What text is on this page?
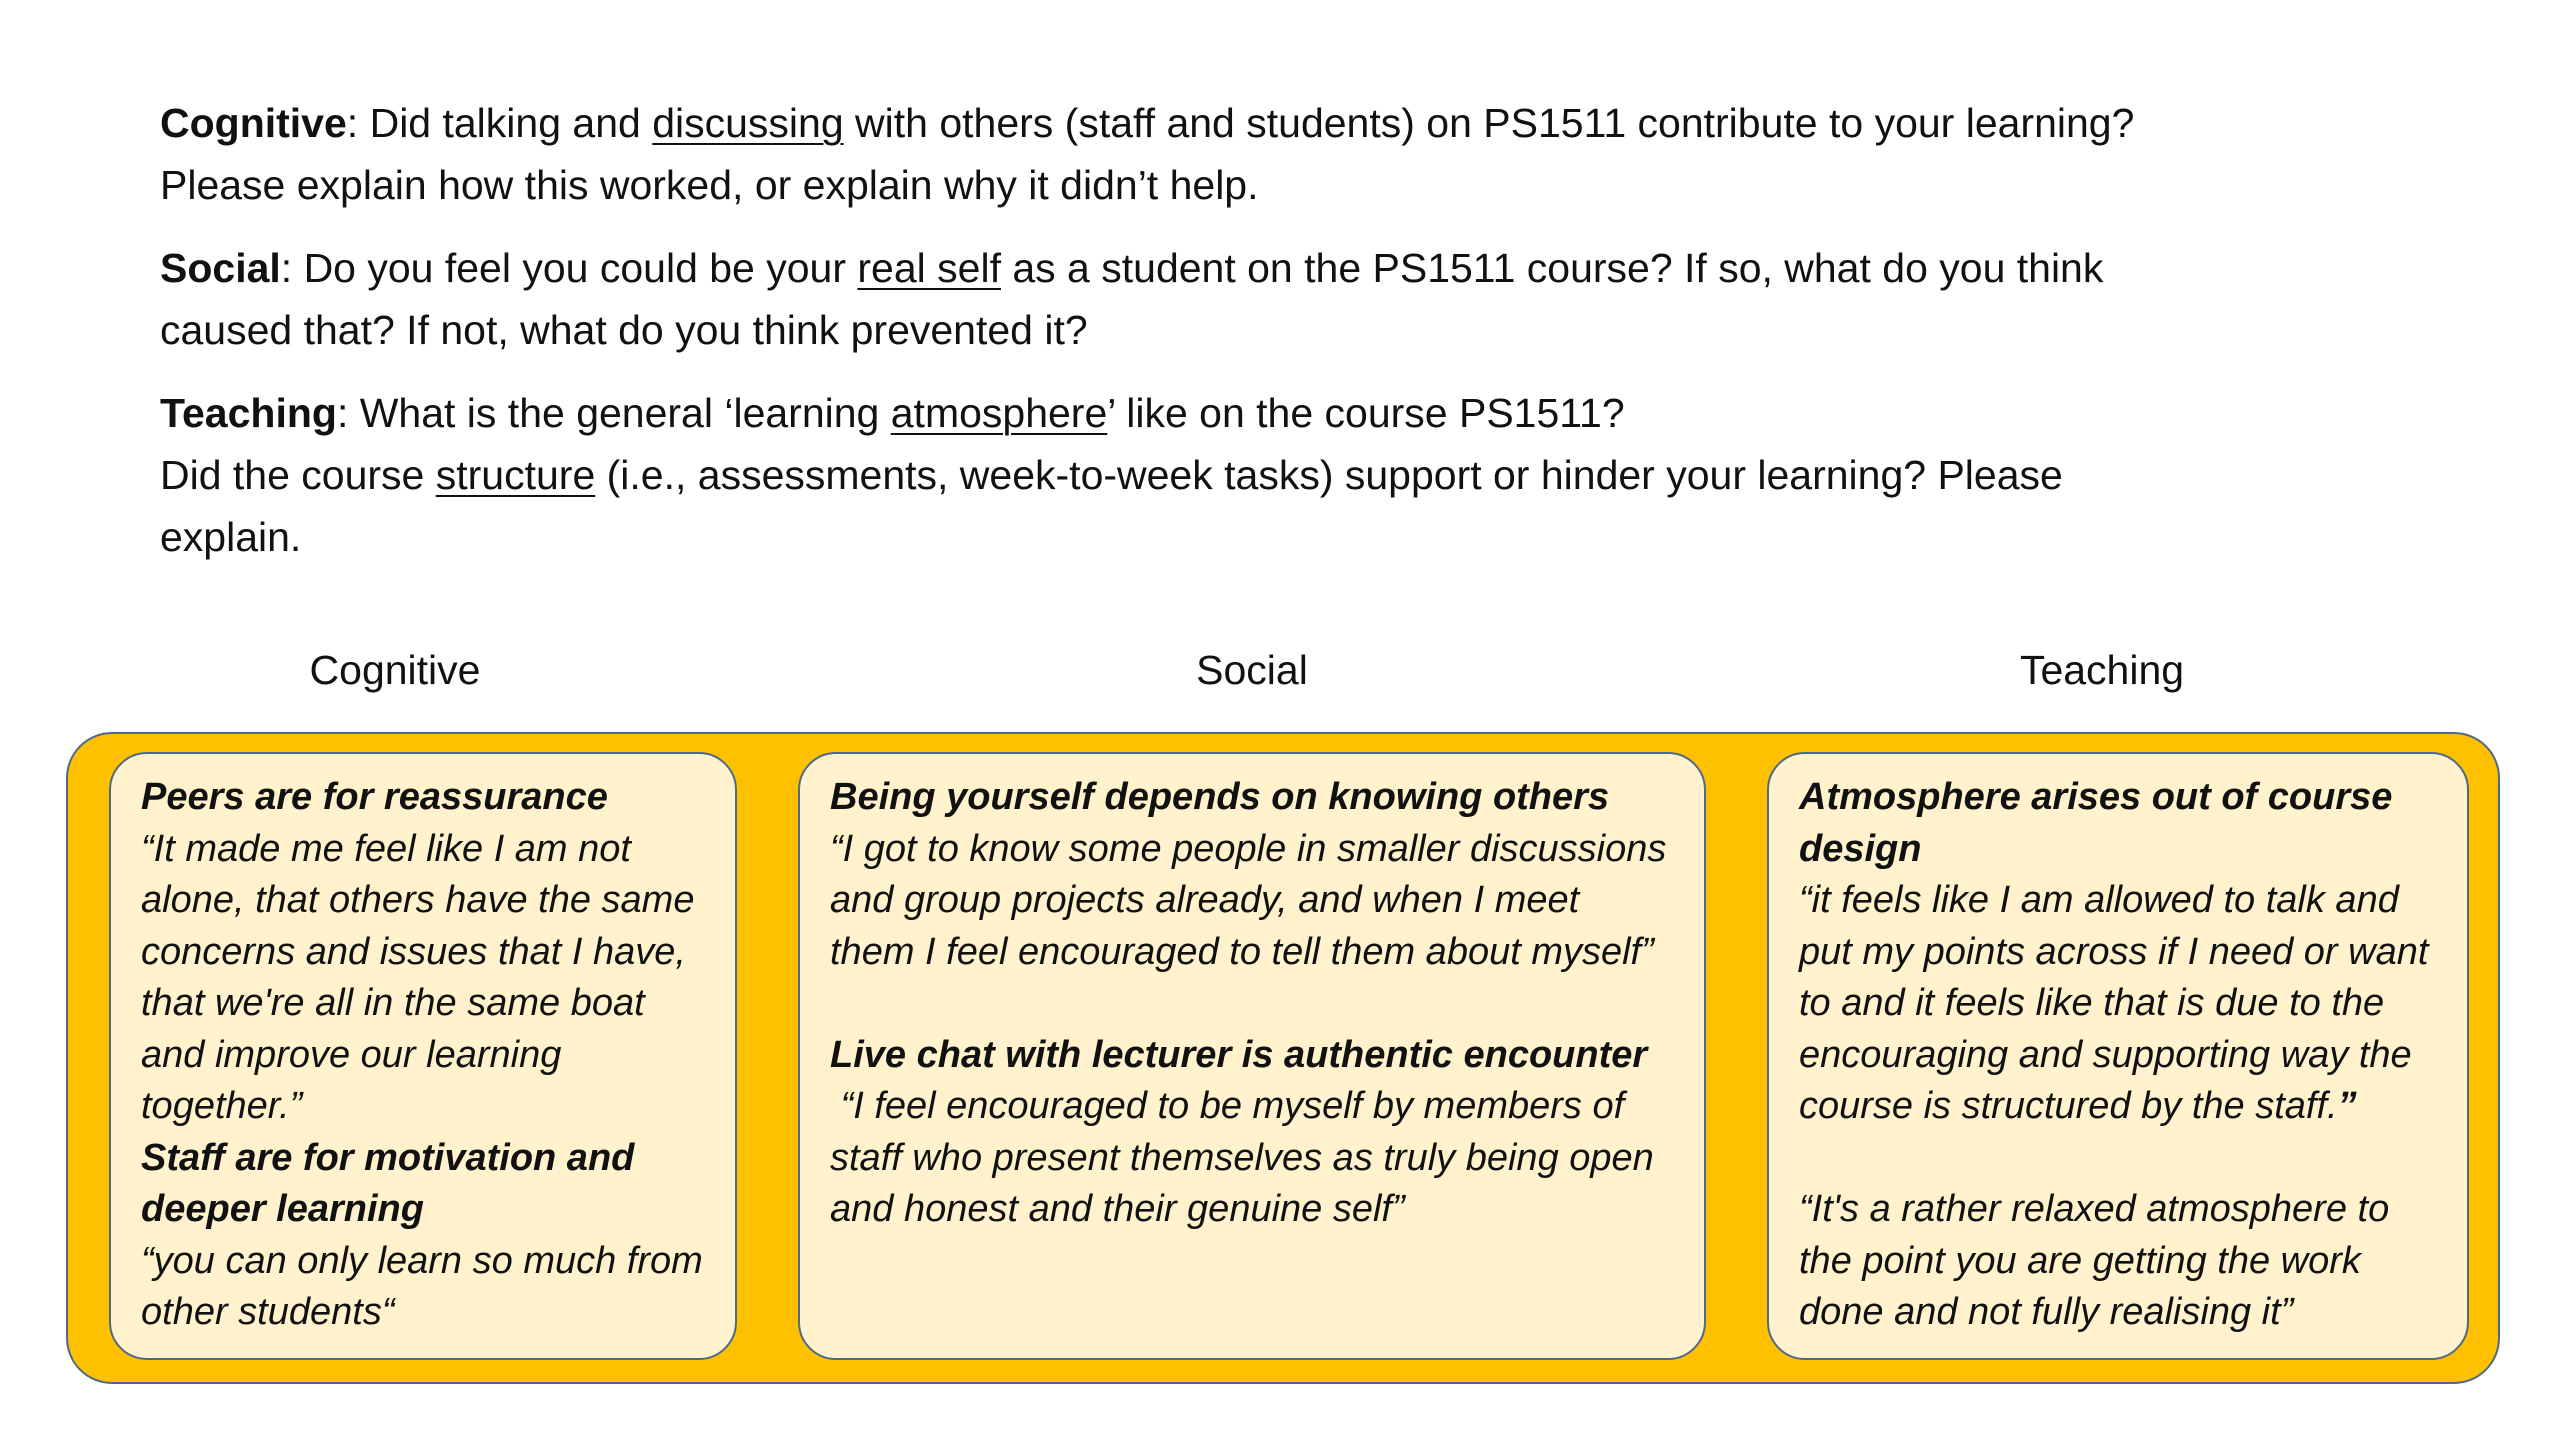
Cognitive: Did talking and discussing with others (staff and students) on PS1511 contribute to your learning?
Please explain how this worked, or explain why it didn’t help.

Social: Do you feel you could be your real self as a student on the PS1511 course? If so, what do you think
caused that? If not, what do you think prevented it?

Teaching: What is the general ‘learning atmosphere’ like on the course PS1511?
Did the course structure (i.e., assessments, week-to-week tasks) support or hinder your learning? Please
explain.

Cognitive	Social	Teaching
Peers are for reassurance
“It made me feel like I am not alone, that others have the same concerns and issues that I have, that we're all in the same boat and improve our learning together.”
Staff are for motivation and deeper learning
“you can only learn so much from other students“
Being yourself depends on knowing others
“I got to know some people in smaller discussions and group projects already, and when I meet them I feel encouraged to tell them about myself”
Live chat with lecturer is authentic encounter
“I feel encouraged to be myself by members of staff who present themselves as truly being open and honest and their genuine self”
Atmosphere arises out of course design
“it feels like I am allowed to talk and put my points across if I need or want to and it feels like that is due to the encouraging and supporting way the course is structured by the staff.”
“It's a rather relaxed atmosphere to the point you are getting the work done and not fully realising it”
